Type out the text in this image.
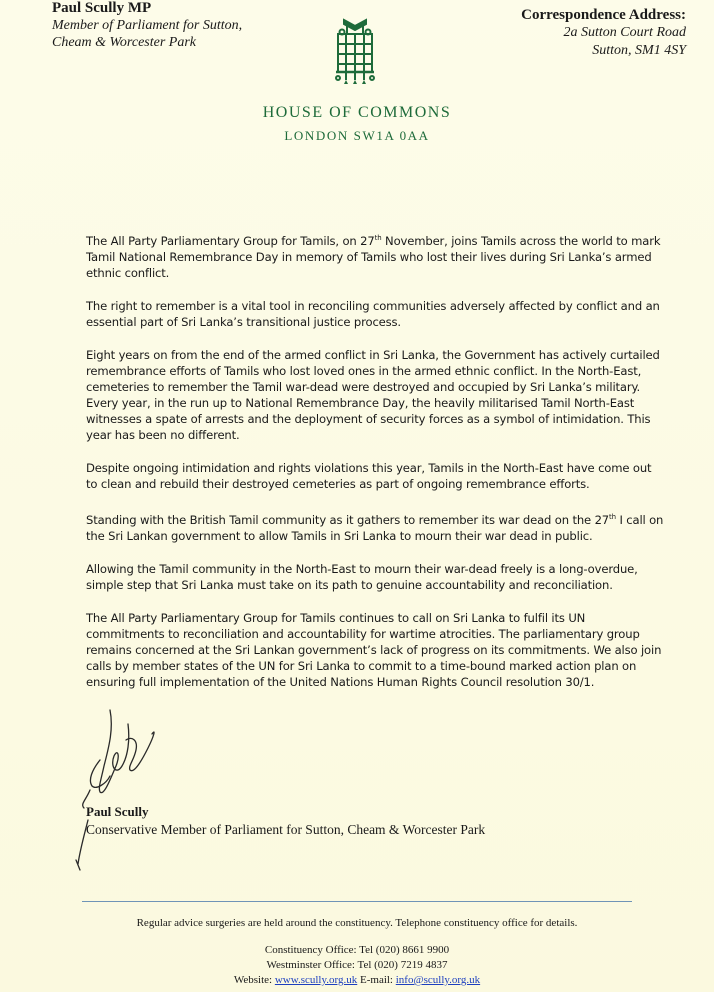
Paul Scully MP
Member of Parliament for Sutton,
Cheam & Worcester Park
Correspondence Address:
2a Sutton Court Road
Sutton, SM1 4SY
HOUSE OF COMMONS
LONDON SW1A 0AA

The All Party Parliamentary Group for Tamils, on 27th November, joins Tamils across the world to mark Tamil National Remembrance Day in memory of Tamils who lost their lives during Sri Lanka’s armed ethnic conflict.

The right to remember is a vital tool in reconciling communities adversely affected by conflict and an essential part of Sri Lanka’s transitional justice process.

Eight years on from the end of the armed conflict in Sri Lanka, the Government has actively curtailed remembrance efforts of Tamils who lost loved ones in the armed ethnic conflict. In the North-East, cemeteries to remember the Tamil war-dead were destroyed and occupied by Sri Lanka’s military. Every year, in the run up to National Remembrance Day, the heavily militarised Tamil North-East witnesses a spate of arrests and the deployment of security forces as a symbol of intimidation. This year has been no different.

Despite ongoing intimidation and rights violations this year, Tamils in the North-East have come out to clean and rebuild their destroyed cemeteries as part of ongoing remembrance efforts.

Standing with the British Tamil community as it gathers to remember its war dead on the 27th I call on the Sri Lankan government to allow Tamils in Sri Lanka to mourn their war dead in public.

Allowing the Tamil community in the North-East to mourn their war-dead freely is a long-overdue, simple step that Sri Lanka must take on its path to genuine accountability and reconciliation.

The All Party Parliamentary Group for Tamils continues to call on Sri Lanka to fulfil its UN commitments to reconciliation and accountability for wartime atrocities. The parliamentary group remains concerned at the Sri Lankan government’s lack of progress on its commitments. We also join calls by member states of the UN for Sri Lanka to commit to a time-bound marked action plan on ensuring full implementation of the United Nations Human Rights Council resolution 30/1.

Paul Scully
Conservative Member of Parliament for Sutton, Cheam & Worcester Park
Regular advice surgeries are held around the constituency. Telephone constituency office for details.
Constituency Office: Tel (020) 8661 9900
Westminster Office: Tel (020) 7219 4837
Website: www.scully.org.uk E-mail: info@scully.org.uk
